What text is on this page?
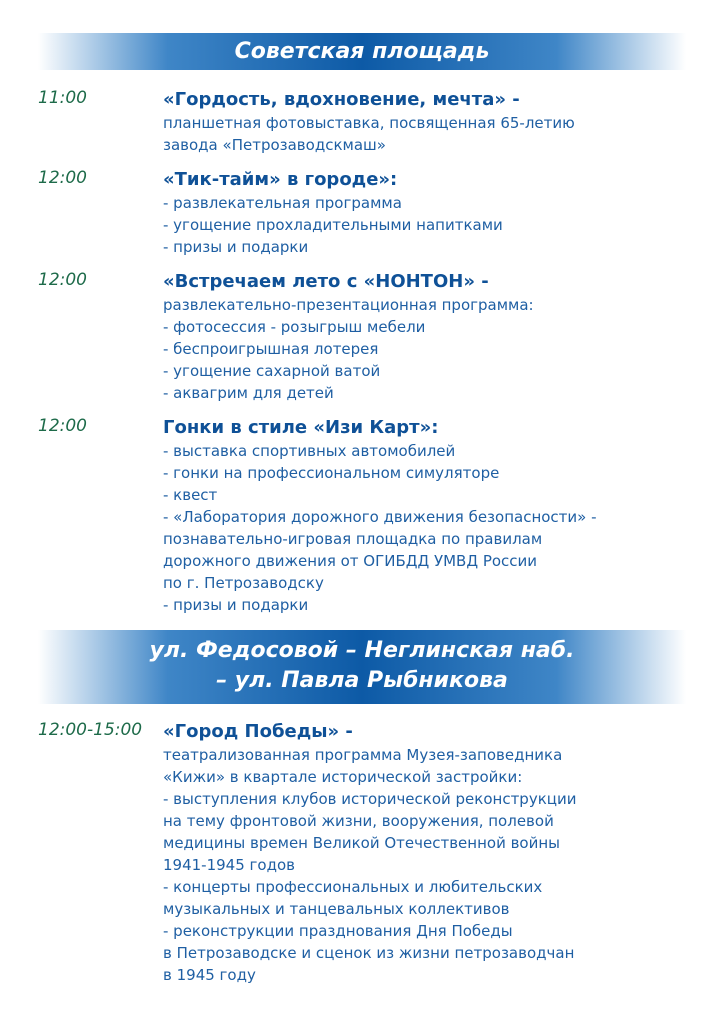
Советская площадь
11:00	«Гордость, вдохновение, мечта» -

планшетная фотовыставка, посвященная 65-летию

завода «Петрозаводскмаш»

12:00	«Тик-тайм» в городе»:

- развлекательная программа

- угощение прохладительными напитками

- призы и подарки

12:00	«Встречаем лето с «НОНТОН» -

развлекательно-презентационная программа:

- фотосессия - розыгрыш мебели

- беспроигрышная лотерея

- угощение сахарной ватой

- аквагрим для детей

12:00	Гонки в стиле «Изи Карт»:

- выставка спортивных автомобилей

- гонки на профессиональном симуляторе

- квест

- «Лаборатория дорожного движения безопасности» -

познавательно-игровая площадка по правилам

дорожного движения от ОГИБДД УМВД России

по г. Петрозаводску

- призы и подарки

ул. Федосовой – Неглинская наб.
– ул. Павла Рыбникова
12:00-15:00 «Город Победы» -

театрализованная программа Музея-заповедника

«Кижи» в квартале исторической застройки:

- выступления клубов исторической реконструкции

на тему фронтовой жизни, вооружения, полевой

медицины времен Великой Отечественной войны

1941-1945 годов

- концерты профессиональных и любительских

музыкальных и танцевальных коллективов

- реконструкции празднования Дня Победы

в Петрозаводске и сценок из жизни петрозаводчан

в 1945 году
